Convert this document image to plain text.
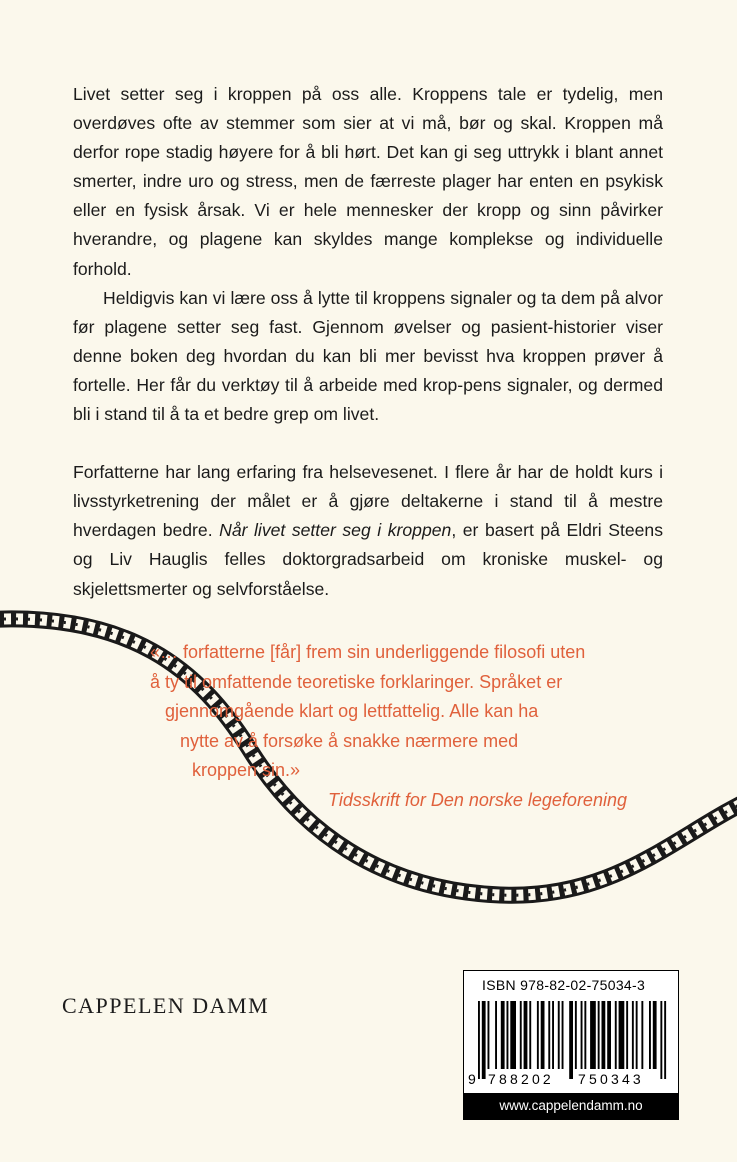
Livet setter seg i kroppen på oss alle. Kroppens tale er tydelig, men overdøves ofte av stemmer som sier at vi må, bør og skal. Kroppen må derfor rope stadig høyere for å bli hørt. Det kan gi seg uttrykk i blant annet smerter, indre uro og stress, men de færreste plager har enten en psykisk eller en fysisk årsak. Vi er hele mennesker der kropp og sinn påvirker hverandre, og plagene kan skyldes mange komplekse og individuelle forhold.

Heldigvis kan vi lære oss å lytte til kroppens signaler og ta dem på alvor før plagene setter seg fast. Gjennom øvelser og pasient-historier viser denne boken deg hvordan du kan bli mer bevisst hva kroppen prøver å fortelle. Her får du verktøy til å arbeide med krop-pens signaler, og dermed bli i stand til å ta et bedre grep om livet.

Forfatterne har lang erfaring fra helsevesenet. I flere år har de holdt kurs i livsstyrketrening der målet er å gjøre deltakerne i stand til å mestre hverdagen bedre. Når livet setter seg i kroppen, er basert på Eldri Steens og Liv Hauglis felles doktorgradsarbeid om kroniske muskel- og skjelettsmerter og selvforståelse.

«… forfatterne [får] frem sin underliggende filosofi uten

å ty til omfattende teoretiske forklaringer. Språket er

gjennomgående klart og lettfattelig. Alle kan ha

nytte av å forsøke å snakke nærmere med

kroppen sin.»

Tidsskrift for Den norske legeforening

CAPPELEN DAMM
ISBN 978-82-02-75034-3
9 788202 750343
www.cappelendamm.no
